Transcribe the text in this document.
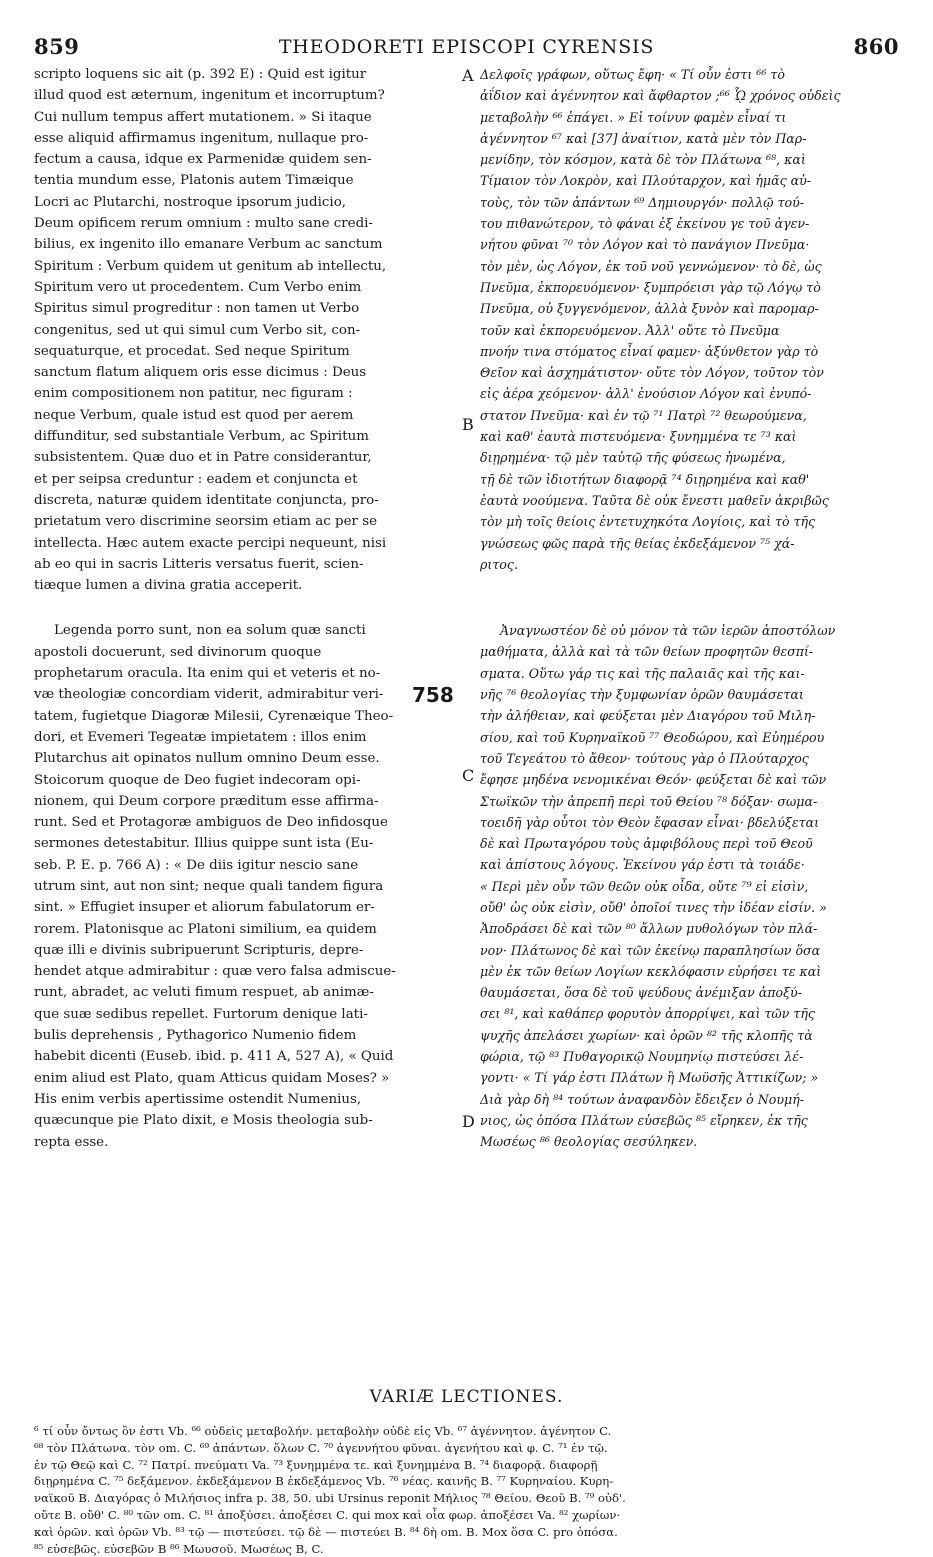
859	THEODORETI EPISCOPI CYRENSIS	860
scripto loquens sic ait (p. 392 E) : Quid est igitur
illud quod est æternum, ingenitum et incorruptum?
Cui nullum tempus affert mutationem. » Si itaque
esse aliquid affirmamus ingenitum, nullaque pro-
fectum a causa, idque ex Parmenidæ quidem sen-
tentia mundum esse, Platonis autem Timæique
Locri ac Plutarchi, nostroque ipsorum judicio,
Deum opificem rerum omnium : multo sane credi-
bilius, ex ingenito illo emanare Verbum ac sanctum
Spiritum : Verbum quidem ut genitum ab intellectu,
Spiritum vero ut procedentem. Cum Verbo enim
Spiritus simul progreditur : non tamen ut Verbo
congenitus, sed ut qui simul cum Verbo sit, con-
sequaturque, et procedat. Sed neque Spiritum
sanctum flatum aliquem oris esse dicimus : Deus
enim compositionem non patitur, nec figuram :
neque Verbum, quale istud est quod per aerem
diffunditur, sed substantiale Verbum, ac Spiritum
subsistentem. Quæ duo et in Patre considerantur,
et per seipsa creduntur : eadem et conjuncta et
discreta, naturæ quidem identitate conjuncta, pro-
prietatum vero discrimine seorsim etiam ac per se
intellecta. Hæc autem exacte percipi nequeunt, nisi
ab eo qui in sacris Litteris versatus fuerit, scien-
tiæque lumen a divina gratia acceperit.
Legenda porro sunt, non ea solum quæ sancti
apostoli docuerunt, sed divinorum quoque
prophetarum oracula. Ita enim qui et veteris et no-
væ theologiæ concordiam viderit, admirabitur veri-
tatem, fugietque Diagoræ Milesii, Cyrenæique Theo-
dori, et Evemeri Tegeatæ impietatem : illos enim
Plutarchus ait opinatos nullum omnino Deum esse.
Stoicorum quoque de Deo fugiet indecoram opi-
nionem, qui Deum corpore præditum esse affirma-
runt. Sed et Protagoræ ambiguos de Deo infidosque
sermones detestabitur. Illius quippe sunt ista (Eu-
seb. P. E. p. 766 A) : « De diis igitur nescio sane
utrum sint, aut non sint; neque quali tandem figura
sint. » Effugiet insuper et aliorum fabulatorum er-
rorem. Platonisque ac Platoni similium, ea quidem
quæ illi e divinis subripuerunt Scripturis, depre-
hendet atque admirabitur : quæ vero falsa admiscue-
runt, abradet, ac veluti fimum respuet, ab animæ-
que suæ sedibus repellet. Furtorum denique lati-
bulis deprehensis , Pythagorico Numenio fidem
habebit dicenti (Euseb. ibid. p. 411 A, 527 A), « Quid
enim aliud est Plato, quam Atticus quidam Moses? »
His enim verbis apertissime ostendit Numenius,
quæcunque pie Plato dixit, e Mosis theologia sub-
repta esse.
A
B
C
D
758
Δελφοῖς γράφων, οὕτως ἔφη· « Τί οὖν ἐστι ⁶⁶ τὸ
ἀΐδιον καὶ ἀγέννητον καὶ ἄφθαρτον ;⁶⁶ ᾯ χρόνος οὐδεὶς
μεταβολὴν ⁶⁶ ἐπάγει. » Εἰ τοίνυν φαμὲν εἶναί τι
ἀγέννητον ⁶⁷ καὶ [37] ἀναίτιον, κατὰ μὲν τὸν Παρ-
μενίδην, τὸν κόσμον, κατὰ δὲ τὸν Πλάτωνα ⁶⁸, καὶ
Τίμαιον τὸν Λοκρὸν, καὶ Πλούταρχον, καὶ ἡμᾶς αὐ-
τοὺς, τὸν τῶν ἁπάντων ⁶⁹ Δημιουργόν· πολλῷ τού-
του πιθανώτερον, τὸ φάναι ἐξ ἐκείνου γε τοῦ ἀγεν-
νήτου φῦναι ⁷⁰ τὸν Λόγον καὶ τὸ πανάγιον Πνεῦμα·
τὸν μὲν, ὡς Λόγον, ἐκ τοῦ νοῦ γεννώμενον· τὸ δὲ, ὡς
Πνεῦμα, ἐκπορευόμενον· ξυμπρόεισι γὰρ τῷ Λόγῳ τὸ
Πνεῦμα, οὐ ξυγγενόμενον, ἀλλὰ ξυνὸν καὶ παρομαρ-
τοῦν καὶ ἐκπορευόμενον. Ἀλλ' οὔτε τὸ Πνεῦμα
πνοήν τινα στόματος εἶναί φαμεν· ἀξύνθετον γὰρ τὸ
Θεῖον καὶ ἀσχημάτιστον· οὔτε τὸν Λόγον, τοῦτον τὸν
εἰς ἀέρα χεόμενον· ἀλλ' ἐνούσιον Λόγον καὶ ἐνυπό-
στατον Πνεῦμα· καὶ ἐν τῷ ⁷¹ Πατρὶ ⁷² θεωρούμενα,
καὶ καθ' ἑαυτὰ πιστευόμενα· ξυνημμένα τε ⁷³ καὶ
διῃρημένα· τῷ μὲν ταὐτῷ τῆς φύσεως ἡνωμένα,
τῇ δὲ τῶν ἰδιοτήτων διαφορᾷ ⁷⁴ διῃρημένα καὶ καθ'
ἑαυτὰ νοούμενα. Ταῦτα δὲ οὐκ ἔνεστι μαθεῖν ἀκριβῶς
τὸν μὴ τοῖς θείοις ἐντετυχηκότα Λογίοις, καὶ τὸ τῆς
γνώσεως φῶς παρὰ τῆς θείας ἐκδεξάμενον ⁷⁵ χά-
ριτος.
Ἀναγνωστέον δὲ οὐ μόνον τὰ τῶν ἱερῶν ἀποστόλων
μαθήματα, ἀλλὰ καὶ τὰ τῶν θείων προφητῶν θεσπί-
σματα. Οὕτω γάρ τις καὶ τῆς παλαιᾶς καὶ τῆς και-
νῆς ⁷⁶ θεολογίας τὴν ξυμφωνίαν ὁρῶν θαυμάσεται
τὴν ἀλήθειαν, καὶ φεύξεται μὲν Διαγόρου τοῦ Μιλη-
σίου, καὶ τοῦ Κυρηναϊκοῦ ⁷⁷ Θεοδώρου, καὶ Εὐημέρου
τοῦ Τεγεάτου τὸ ἄθεον· τούτους γὰρ ὁ Πλούταρχος
ἔφησε μηδένα νενομικέναι Θεόν· φεύξεται δὲ καὶ τῶν
Στωϊκῶν τὴν ἀπρεπῆ περὶ τοῦ Θείου ⁷⁸ δόξαν· σωμα-
τοειδῆ γὰρ οὗτοι τὸν Θεὸν ἔφασαν εἶναι· βδελύξεται
δὲ καὶ Πρωταγόρου τοὺς ἀμφιβόλους περὶ τοῦ Θεοῦ
καὶ ἀπίστους λόγους. Ἐκείνου γάρ ἐστι τὰ τοιάδε·
« Περὶ μὲν οὖν τῶν θεῶν οὐκ οἶδα, οὔτε ⁷⁹ εἰ εἰσὶν,
οὔθ' ὡς οὐκ εἰσὶν, οὔθ' ὁποῖοί τινες τὴν ἰδέαν εἰσίν. »
Ἀποδράσει δὲ καὶ τῶν ⁸⁰ ἄλλων μυθολόγων τὸν πλά-
νον· Πλάτωνος δὲ καὶ τῶν ἐκείνῳ παραπλησίων ὅσα
μὲν ἐκ τῶν θείων Λογίων κεκλόφασιν εὑρήσει τε καὶ
θαυμάσεται, ὅσα δὲ τοῦ ψεύδους ἀνέμιξαν ἀποξύ-
σει ⁸¹, καὶ καθάπερ φορυτὸν ἀπορρίψει, καὶ τῶν τῆς
ψυχῆς ἀπελάσει χωρίων· καὶ ὁρῶν ⁸² τῆς κλοπῆς τὰ
φώρια, τῷ ⁸³ Πυθαγορικῷ Νουμηνίῳ πιστεύσει λέ-
γοντι· « Τί γάρ ἐστι Πλάτων ἢ Μωϋσῆς Ἀττικίζων; »
Διὰ γὰρ δὴ ⁸⁴ τούτων ἀναφανδὸν ἔδειξεν ὁ Νουμή-
νιος, ὡς ὁπόσα Πλάτων εὐσεβῶς ⁸⁵ εἴρηκεν, ἐκ τῆς
Μωσέως ⁸⁶ θεολογίας σεσύληκεν.
VARIÆ LECTIONES.
⁶ τί οὖν ὄντως ὂν ἐστι Vb. ⁶⁶ οὐδεὶς μεταβολήν. μεταβολὴν οὐδὲ εἰς Vb. ⁶⁷ ἀγέννητον. ἀγένητον C.
⁶⁸ τὸν Πλάτωνα. τὸν om. C. ⁶⁹ ἁπάντων. ὅλων C. ⁷⁰ ἀγεννήτου φῦναι. ἀγενήτου καὶ φ. C. ⁷¹ ἐν τῷ.
ἐν τῷ Θεῷ καὶ C. ⁷² Πατρί. πνεύματι Va. ⁷³ ξυνημμένα τε. καὶ ξυνημμένα B. ⁷⁴ διαφορᾷ. διαφορῇ
διῃρημένα C. ⁷⁵ δεξάμενον. ἐκδεξάμενον B ἐκδεξάμενος Vb. ⁷⁶ νέας. καινῆς B. ⁷⁷ Κυρηναίου. Κυρη-
ναϊκοῦ B. Διαγόρας ὁ Μιλήσιος infra p. 38, 50. ubi Ursinus reponit Μήλιος ⁷⁸ Θείου. Θεοῦ B. ⁷⁹ οὐδ'.
οὔτε B. οὔθ' C. ⁸⁰ τῶν om. C. ⁸¹ ἀποξύσει. ἀποξέσει C. qui mox καὶ οἷα φωρ. ἀποξέσει Va. ⁸² χωρίων·
καὶ ὁρῶν. καὶ ὁρῶν Vb. ⁸³ τῷ — πιστεύσει. τῷ δὲ — πιστεύει B. ⁸⁴ δὴ om. B. Mox ὅσα C. pro ὁπόσα.
⁸⁵ εὐσεβῶς. εὐσεβῶν B ⁸⁶ Μωυσοῦ. Μωσέως B, C.
